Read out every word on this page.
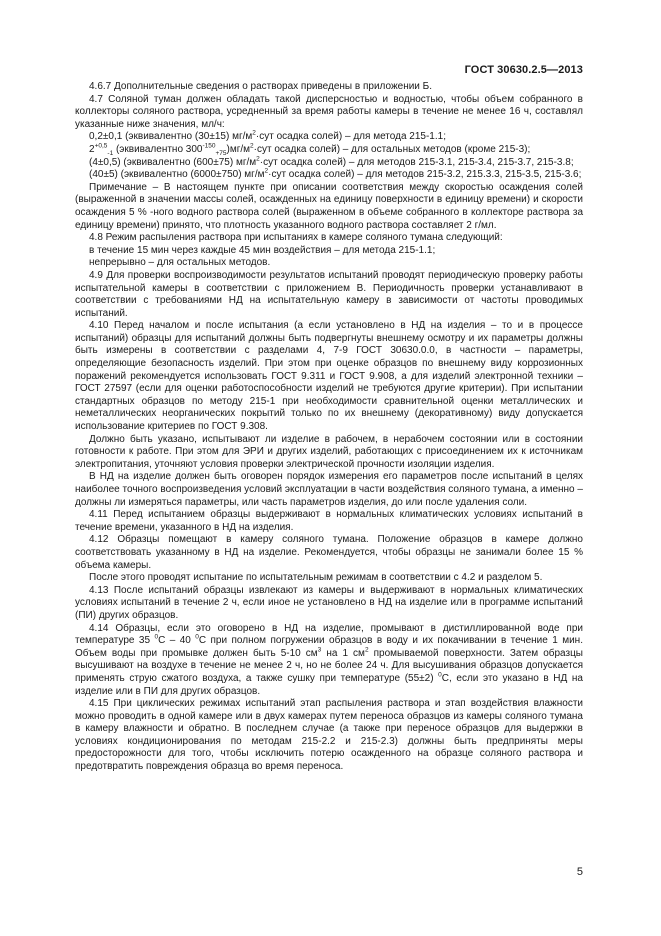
ГОСТ 30630.2.5—2013

4.6.7 Дополнительные сведения о растворах приведены в приложении Б.

4.7 Соляной туман должен обладать такой дисперсностью и водностью, чтобы объем собранного в коллекторы соляного раствора, усредненный за время работы камеры в течение не менее 16 ч, составлял указанные ниже значения, мл/ч:

0,2±0,1 (эквивалентно (30±15) $мг/м^2\cdot сут$ осадка солей) – для метода 215-1.1;

$2^{+0,5}_{-1}$ (эквивалентно $300^{-150}_{+75})мг/м^2\cdot сут$ осадка солей) – для остальных методов (кроме 215-3);

(4±0,5) (эквивалентно (600±75) $мг/м^2\cdot сут$ осадка солей) – для методов 215-3.1, 215-3.4, 215-3.7, 215-3.8;

(40±5) (эквивалентно (6000±750) $мг/м^2\cdot сут$ осадка солей) – для методов 215-3.2, 215.3.3, 215-3.5, 215-3.6;

Примечание – В настоящем пункте при описании соответствия между скоростью осаждения солей (выраженной в значении массы солей, осажденных на единицу поверхности в единицу времени) и скорости осаждения 5 % -ного водного раствора солей (выраженном в объеме собранного в коллекторе раствора за единицу времени) принято, что плотность указанного водного раствора составляет 2 г/мл.

4.8 Режим распыления раствора при испытаниях в камере соляного тумана следующий:

в течение 15 мин через каждые 45 мин воздействия – для метода 215-1.1;

непрерывно – для остальных методов.

4.9 Для проверки воспроизводимости результатов испытаний проводят периодическую проверку работы испытательной камеры в соответствии с приложением В. Периодичность проверки устанавливают в соответствии с требованиями НД на испытательную камеру в зависимости от частоты проводимых испытаний.

4.10 Перед началом и после испытания (а если установлено в НД на изделия – то и в процессе испытаний) образцы для испытаний должны быть подвергнуты внешнему осмотру и их параметры должны быть измерены в соответствии с разделами 4, 7-9 ГОСТ 30630.0.0, в частности – параметры, определяющие безопасность изделий. При этом при оценке образцов по внешнему виду коррозионных поражений рекомендуется использовать ГОСТ 9.311 и ГОСТ 9.908, а для изделий электронной техники – ГОСТ 27597 (если для оценки работоспособности изделий не требуются другие критерии). При испытании стандартных образцов по методу 215-1 при необходимости сравнительной оценки металлических и неметаллических неорганических покрытий только по их внешнему (декоративному) виду допускается использование критериев по ГОСТ 9.308.

Должно быть указано, испытывают ли изделие в рабочем, в нерабочем состоянии или в состоянии готовности к работе. При этом для ЭРИ и других изделий, работающих с присоединением их к источникам электропитания, уточняют условия проверки электрической прочности изоляции изделия.

В НД на изделие должен быть оговорен порядок измерения его параметров после испытаний в целях наиболее точного воспроизведения условий эксплуатации в части воздействия соляного тумана, а именно – должны ли измеряться параметры, или часть параметров изделия, до или после удаления соли.

4.11 Перед испытанием образцы выдерживают в нормальных климатических условиях испытаний в течение времени, указанного в НД на изделия.

4.12 Образцы помещают в камеру соляного тумана. Положение образцов в камере должно соответствовать указанному в НД на изделие. Рекомендуется, чтобы образцы не занимали более 15 % объема камеры.

После этого проводят испытание по испытательным режимам в соответствии с 4.2 и разделом 5.

4.13 После испытаний образцы извлекают из камеры и выдерживают в нормальных климатических условиях испытаний в течение 2 ч, если иное не установлено в НД на изделие или в программе испытаний (ПИ) других образцов.

4.14 Образцы, если это оговорено в НД на изделие, промывают в дистиллированной воде при температуре 35 $^0$С – 40 $^0$С при полном погружении образцов в воду и их покачивании в течение 1 мин. Объем воды при промывке должен быть 5-10 $см^3$ на 1 $см^2$ промываемой поверхности. Затем образцы высушивают на воздухе в течение не менее 2 ч, но не более 24 ч. Для высушивания образцов допускается применять струю сжатого воздуха, а также сушку при температуре (55±2) $^0$С, если это указано в НД на изделие или в ПИ для других образцов.

4.15 При циклических режимах испытаний этап распыления раствора и этап воздействия влажности можно проводить в одной камере или в двух камерах путем переноса образцов из камеры соляного тумана в камеру влажности и обратно. В последнем случае (а также при переносе образцов для выдержки в условиях кондиционирования по методам 215-2.2 и 215-2.3) должны быть предприняты меры предосторожности для того, чтобы исключить потерю осажденного на образце соляного раствора и предотвратить повреждения образца во время переноса.

5
